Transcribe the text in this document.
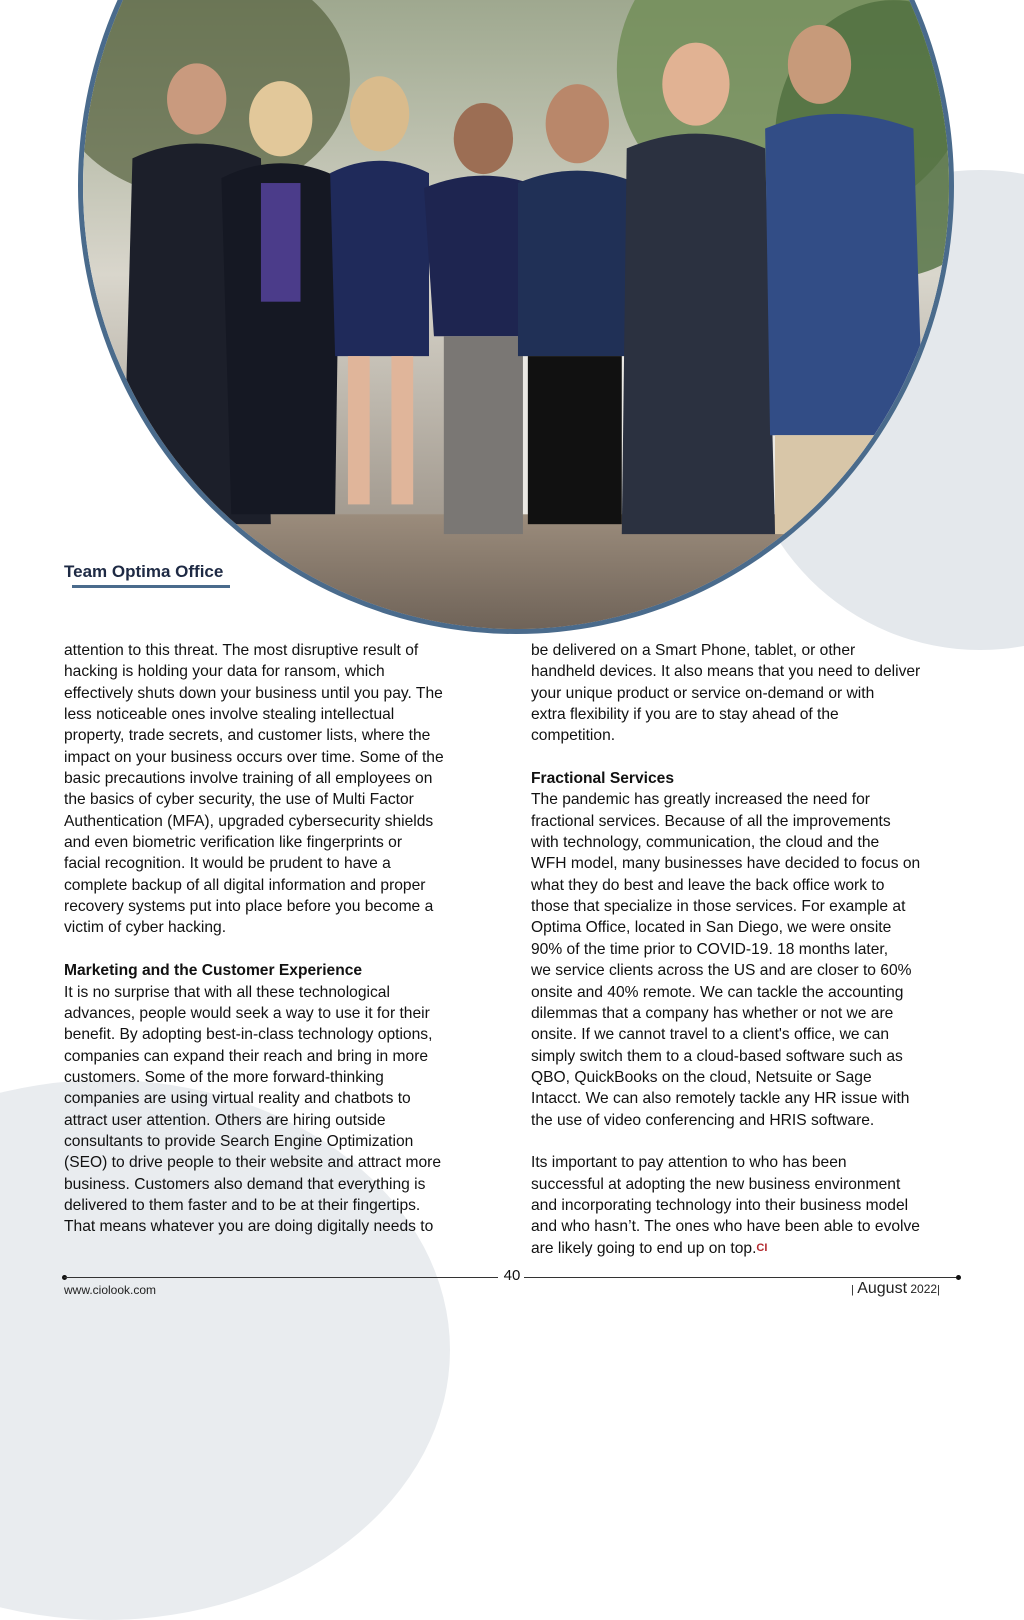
Team Optima Office

attention to this threat. The most disruptive result of
hacking is holding your data for ransom, which
effectively shuts down your business until you pay. The
less noticeable ones involve stealing intellectual
property, trade secrets, and customer lists, where the
impact on your business occurs over time. Some of the
basic precautions involve training of all employees on
the basics of cyber security, the use of Multi Factor
Authentication (MFA), upgraded cybersecurity shields
and even biometric verification like fingerprints or
facial recognition. It would be prudent to have a
complete backup of all digital information and proper
recovery systems put into place before you become a
victim of cyber hacking.

Marketing and the Customer Experience

It is no surprise that with all these technological
advances, people would seek a way to use it for their
benefit. By adopting best-in-class technology options,
companies can expand their reach and bring in more
customers. Some of the more forward-thinking
companies are using virtual reality and chatbots to
attract user attention. Others are hiring outside
consultants to provide Search Engine Optimization
(SEO) to drive people to their website and attract more
business. Customers also demand that everything is
delivered to them faster and to be at their fingertips.
That means whatever you are doing digitally needs to

be delivered on a Smart Phone, tablet, or other
handheld devices. It also means that you need to deliver
your unique product or service on-demand or with
extra flexibility if you are to stay ahead of the
competition.

Fractional Services

The pandemic has greatly increased the need for
fractional services. Because of all the improvements
with technology, communication, the cloud and the
WFH model, many businesses have decided to focus on
what they do best and leave the back office work to
those that specialize in those services. For example at
Optima Office, located in San Diego, we were onsite
90% of the time prior to COVID-19. 18 months later,
we service clients across the US and are closer to 60%
onsite and 40% remote. We can tackle the accounting
dilemmas that a company has whether or not we are
onsite. If we cannot travel to a client's office, we can
simply switch them to a cloud-based software such as
QBO, QuickBooks on the cloud, Netsuite or Sage
Intacct. We can also remotely tackle any HR issue with
the use of video conferencing and HRIS software.

Its important to pay attention to who has been
successful at adopting the new business environment
and incorporating technology into their business model
and who hasn’t. The ones who have been able to evolve
are likely going to end up on top.CI

40
www.ciolook.com	| August 2022|
